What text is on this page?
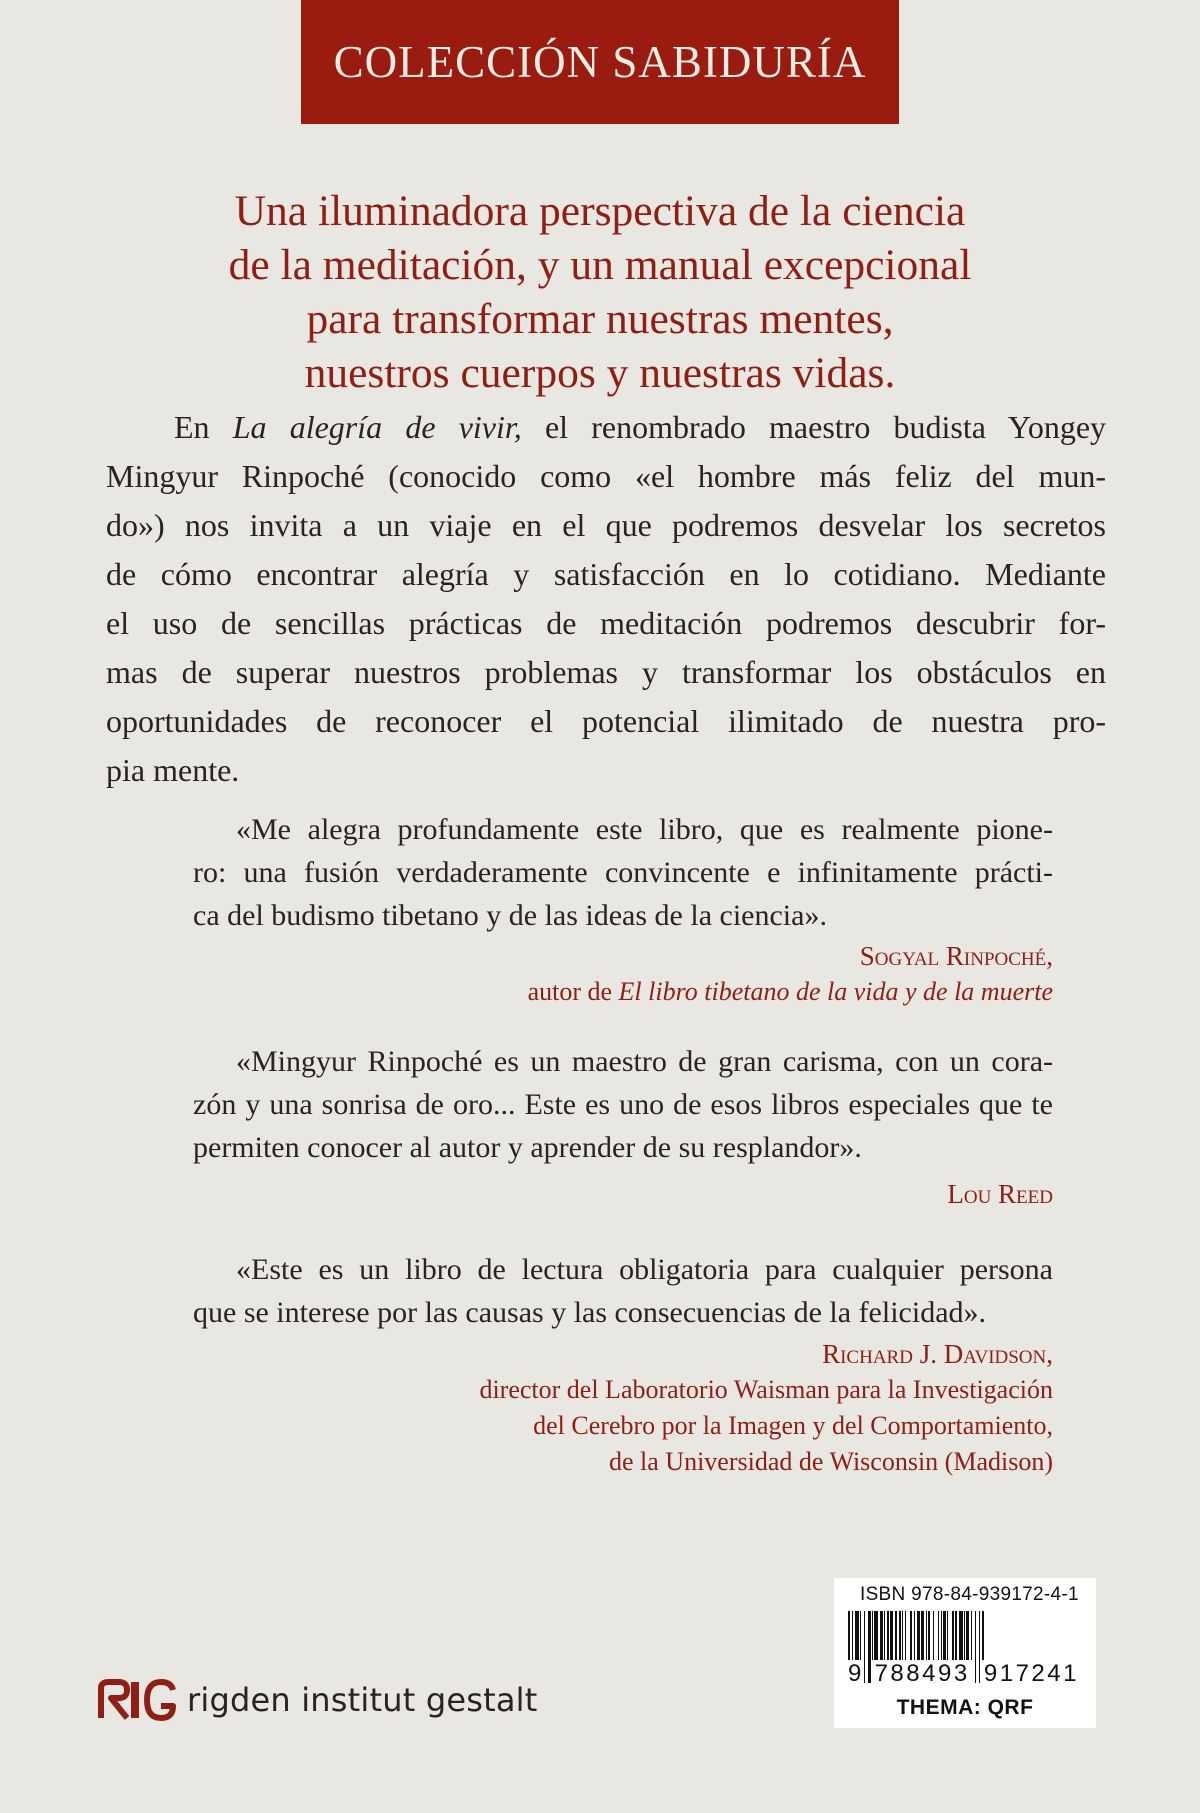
COLECCIÓN SABIDURÍA
Una iluminadora perspectiva de la ciencia
de la meditación, y un manual excepcional
para transformar nuestras mentes,
nuestros cuerpos y nuestras vidas.
En La alegría de vivir, el renombrado maestro budista Yongey
Mingyur Rinpoché (conocido como «el hombre más feliz del mun-
do») nos invita a un viaje en el que podremos desvelar los secretos
de cómo encontrar alegría y satisfacción en lo cotidiano. Mediante
el uso de sencillas prácticas de meditación podremos descubrir for-
mas de superar nuestros problemas y transformar los obstáculos en
oportunidades de reconocer el potencial ilimitado de nuestra pro-
pia mente.
«Me alegra profundamente este libro, que es realmente pione-
ro: una fusión verdaderamente convincente e infinitamente prácti-
ca del budismo tibetano y de las ideas de la ciencia».
Sogyal Rinpoché,
autor de El libro tibetano de la vida y de la muerte
«Mingyur Rinpoché es un maestro de gran carisma, con un cora-
zón y una sonrisa de oro... Este es uno de esos libros especiales que te
permiten conocer al autor y aprender de su resplandor».
Lou Reed
«Este es un libro de lectura obligatoria para cualquier persona
que se interese por las causas y las consecuencias de la felicidad».
Richard J. Davidson,
director del Laboratorio Waisman para la Investigación
del Cerebro por la Imagen y del Comportamiento,
de la Universidad de Wisconsin (Madison)
rigden institut gestalt
ISBN 978-84-939172-4-1
9 788493 917241
THEMA: QRF
